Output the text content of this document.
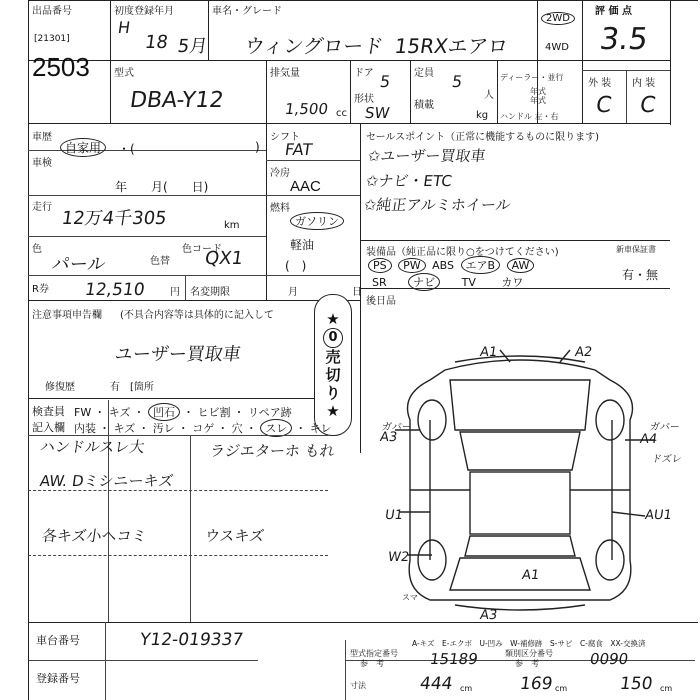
出品番号
[21301]
2503
初度登録年月
H
18 5月
車名・グレード
ウィングロード 15RXエアロ
2WD
4WD
評 価 点
3.5
外 装 内 装
C C
型式
DBA-Y12
排気量
1,500 cc
ドア 5 定員 5
人
形状
SW 積載
kg
ディーラー・並行
年式
年式
ハンドル 左・右
車歴
自家用	・(	)
車検
年　　月(　　日)
走行
12万4千305	km
色
パール	色替
色コード
QX1
シフト
FAT
冷房
AAC
燃料
ガソリン
軽油
(　)
R券 12,510 円 名変期限	月	日
セールスポイント（正常に機能するものに限ります)
✩ユーザー買取車
✩ナビ・ETC
✩純正アルミホイール
装備品（純正品に限り○をつけてください)	新車保証書
有・無
PS PW ABS エアB AW
SR ナビ TV カワ
後日品
注意事項申告欄 (不具合内容等は具体的に記入して
ユーザー買取車
修復歴	有　[箇所
★
0
売
切
り
★
検査員
記入欄
FW ・ キズ ・ 凹石 ・ ヒビ割 ・ リペア跡
内装 ・ キズ ・ 汚レ ・ コゲ ・ 穴 ・ スレ ・ キレ
ハンドルスレ大	ラジエターホ もれ
AW. Dミシニーキズ
各キズ小ヘコミ	ウスキズ
A1	A2
A3	A4
U1	AU1
W2
A1
A3
ドズレ
ガバー	ガバー
スマ
A-キズ　E-エクボ　U-凹み　W-補修跡　S-サビ　C-腐食　XX-交換済
車台番号	Y12-019337
登録番号
型式指定番号
参　考	15189	類別区分番号
参　考	0090
寸法	444 cm	169 cm	150 cm
